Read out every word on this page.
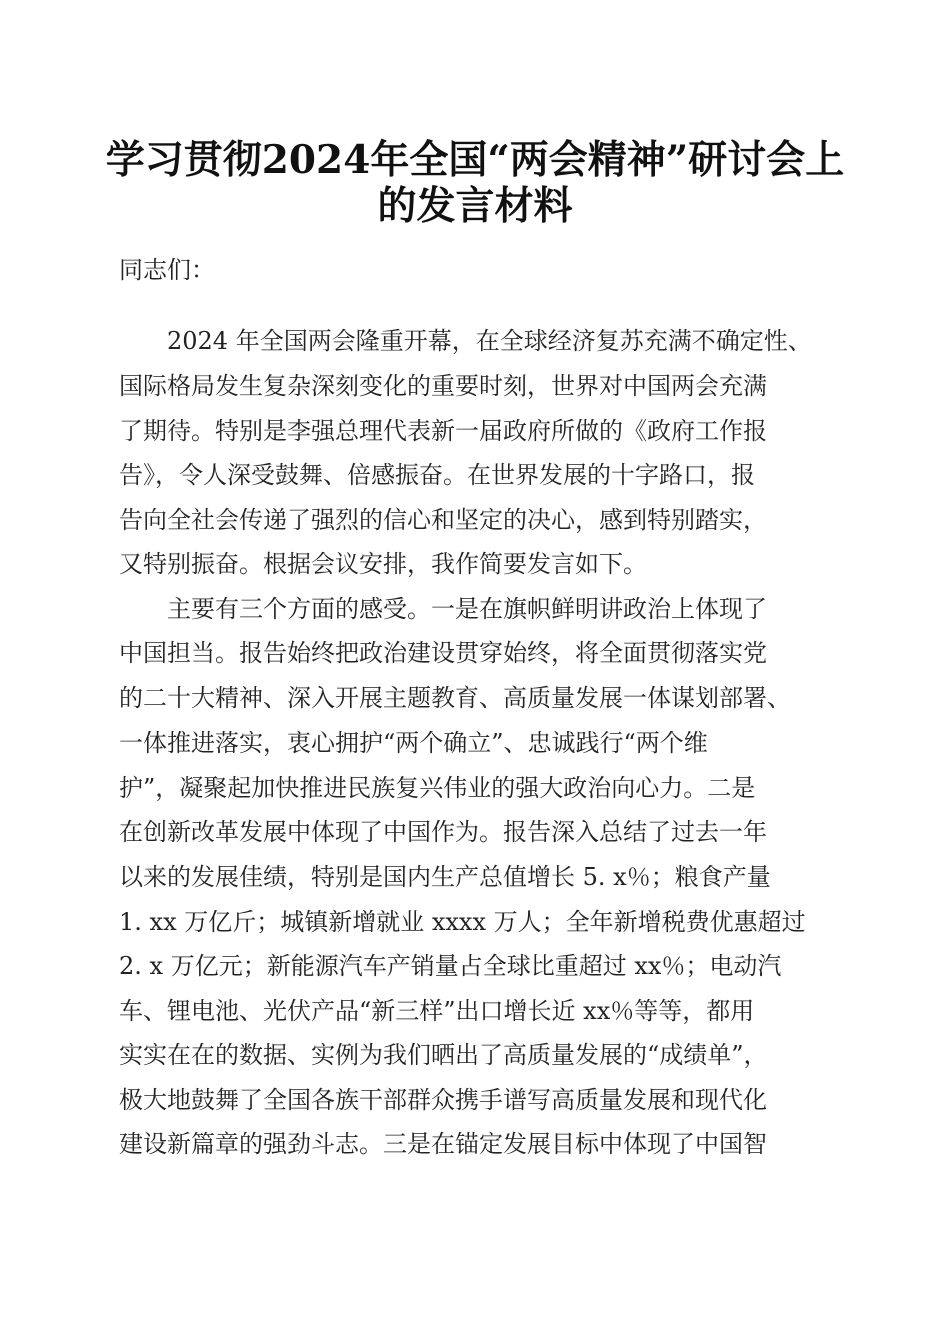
学习贯彻2024年全国“两会精神”研讨会上
的发言材料

同志们：

　　2024 年全国两会隆重开幕，在全球经济复苏充满不确定性、

国际格局发生复杂深刻变化的重要时刻，世界对中国两会充满

了期待。特别是李强总理代表新一届政府所做的《政府工作报

告》，令人深受鼓舞、倍感振奋。在世界发展的十字路口，报

告向全社会传递了强烈的信心和坚定的决心，感到特别踏实，

又特别振奋。根据会议安排，我作简要发言如下。

　　主要有三个方面的感受。一是在旗帜鲜明讲政治上体现了

中国担当。报告始终把政治建设贯穿始终，将全面贯彻落实党

的二十大精神、深入开展主题教育、高质量发展一体谋划部署、

一体推进落实，衷心拥护“两个确立”、忠诚践行“两个维

护”，凝聚起加快推进民族复兴伟业的强大政治向心力。二是

在创新改革发展中体现了中国作为。报告深入总结了过去一年

以来的发展佳绩，特别是国内生产总值增长 5. x％；粮食产量

1. xx 万亿斤；城镇新增就业 xxxx 万人；全年新增税费优惠超过

2. x 万亿元；新能源汽车产销量占全球比重超过 xx％；电动汽

车、锂电池、光伏产品“新三样”出口增长近 xx％等等，都用

实实在在的数据、实例为我们晒出了高质量发展的“成绩单”，

极大地鼓舞了全国各族干部群众携手谱写高质量发展和现代化

建设新篇章的强劲斗志。三是在锚定发展目标中体现了中国智
